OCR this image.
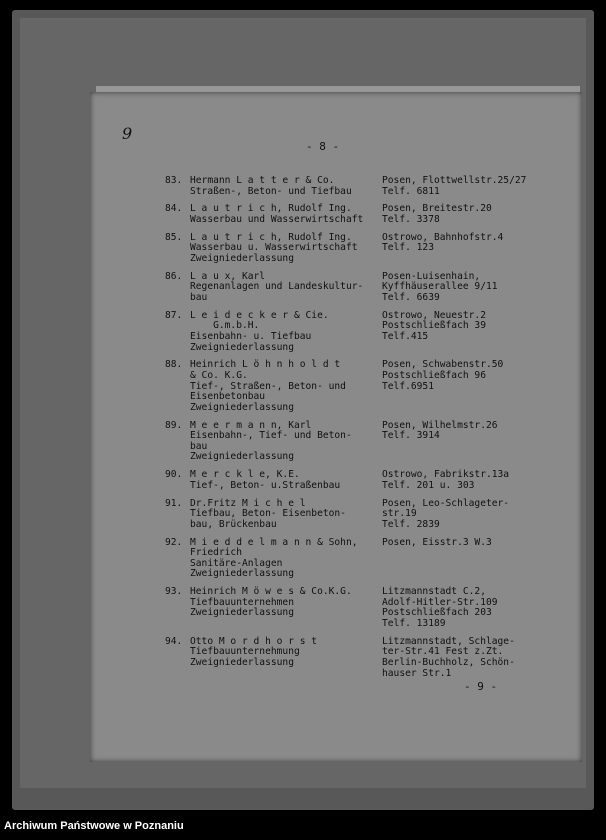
9
- 8 -
83. Hermann L a t t e r & Co.
Straßen-, Beton- und Tiefbau
Posen, Flottwellstr.25/27
Telf. 6811
84. L a u t r i c h, Rudolf Ing.
Wasserbau und Wasserwirtschaft
Posen, Breitestr.20
Telf. 3378
85. L a u t r i c h, Rudolf Ing.
Wasserbau u. Wasserwirtschaft
Zweigniederlassung
Ostrowo, Bahnhofstr.4
Telf. 123
86. L a u x, Karl
Regenanlagen und Landeskultur-
bau
Posen-Luisenhain,
Kyffhäuserallee 9/11
Telf. 6639
87. L e i d e c k e r & Cie.
G.m.b.H.
Eisenbahn- u. Tiefbau
Zweigniederlassung
Ostrowo, Neuestr.2
Postschließfach 39
Telf.415
88. Heinrich L ö h n h o l d t
& Co. K.G.
Tief-, Straßen-, Beton- und
Eisenbetonbau
Zweigniederlassung
Posen, Schwabenstr.50
Postschließfach 96
Telf.6951
89. M e e r m a n n, Karl
Eisenbahn-, Tief- und Beton-
bau
Zweigniederlassung
Posen, Wilhelmstr.26
Telf. 3914
90. M e r c k l e, K.E.
Tief-, Beton- u.Straßenbau
Ostrowo, Fabrikstr.13a
Telf. 201 u. 303
91. Dr.Fritz M i c h e l
Tiefbau, Beton- Eisenbeton-
bau, Brückenbau
Posen, Leo-Schlageter-
str.19
Telf. 2839
92. M i e d d e l m a n n & Sohn,
Friedrich
Sanitäre-Anlagen
Zweigniederlassung
Posen, Eisstr.3 W.3
93. Heinrich M ö w e s & Co.K.G.
Tiefbauunternehmen
Zweigniederlassung
Litzmannstadt C.2,
Adolf-Hitler-Str.109
Postschließfach 203
Telf. 13189
94. Otto M o r d h o r s t
Tiefbauunternehmung
Zweigniederlassung
Litzmannstadt, Schlage-
ter-Str.41 Fest z.Zt.
Berlin-Buchholz, Schön-
hauser Str.1
- 9 -
Archiwum Państwowe w Poznaniu
